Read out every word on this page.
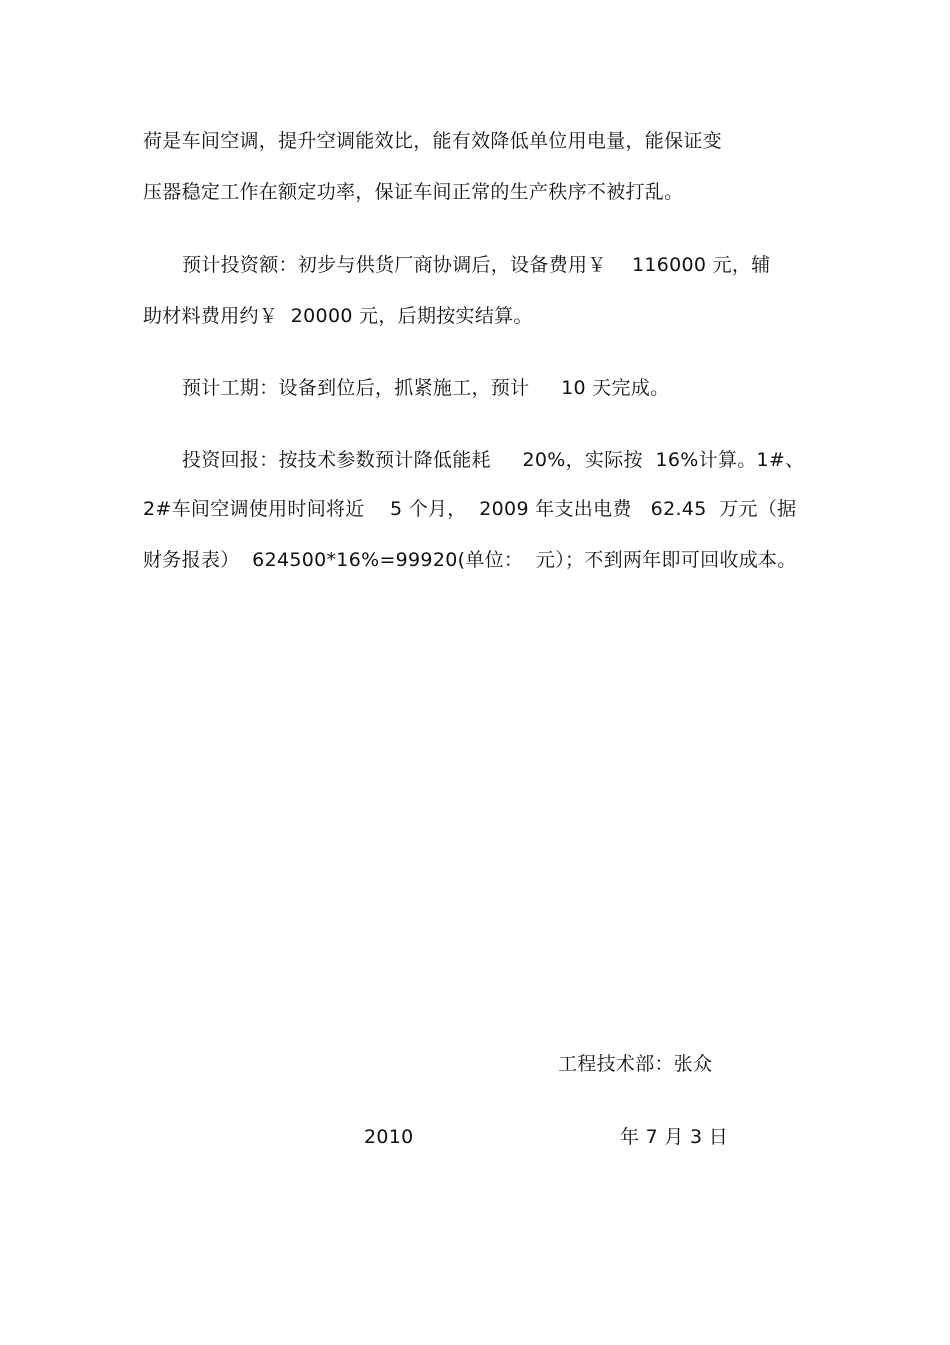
荷是车间空调，提升空调能效比，能有效降低单位用电量，能保证变
压器稳定工作在额定功率，保证车间正常的生产秩序不被打乱。
预计投资额：初步与供货厂商协调后，设备费用￥    116000 元，辅
助材料费用约￥  20000 元，后期按实结算。
预计工期：设备到位后，抓紧施工，预计     10 天完成。
投资回报：按技术参数预计降低能耗     20%，实际按  16%计算。1#、
2#车间空调使用时间将近    5 个月，  2009 年支出电费   62.45  万元（据
财务报表）  624500*16%=99920(单位：  元）；不到两年即可回收成本。
工程技术部：张众
2010	年 7 月 3 日
